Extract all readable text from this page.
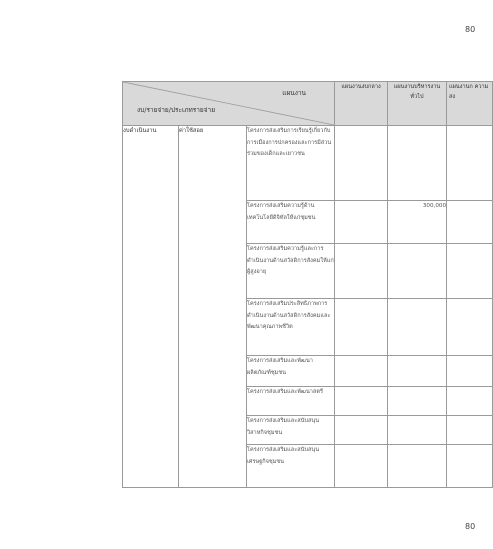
80
แผนงาน
งบ/รายจ่าย/ประเภทรายจ่าย			แผนงานงบกลาง	แผนงานบริหารงานทั่วไป	แผนงานก ความสง
งบดำเนินงาน	ค่าใช้สอย	โครงการส่งเสริมการเรียนรู้เกี่ยวกับการเมืองการปกครองและการมีส่วนร่วมของเด็กและเยาวชน			
		โครงการส่งเสริมความรู้ด้านเทคโนโลยีดิจิทัลให้แก่ชุมชน		300,000	
		โครงการส่งเสริมความรู้และการดำเนินงานด้านสวัสดิการสังคมให้แก่ผู้สูงอายุ			
		โครงการส่งเสริมประสิทธิภาพการดำเนินงานด้านสวัสดิการสังคมและพัฒนาคุณภาพชีวิต			
		โครงการส่งเสริมและพัฒนาผลิตภัณฑ์ชุมชน			
		โครงการส่งเสริมและพัฒนาสตรี			
		โครงการส่งเสริมและสนับสนุนวิสาหกิจชุมชน			
		โครงการส่งเสริมและสนับสนุนเศรษฐกิจชุมชน			
80
